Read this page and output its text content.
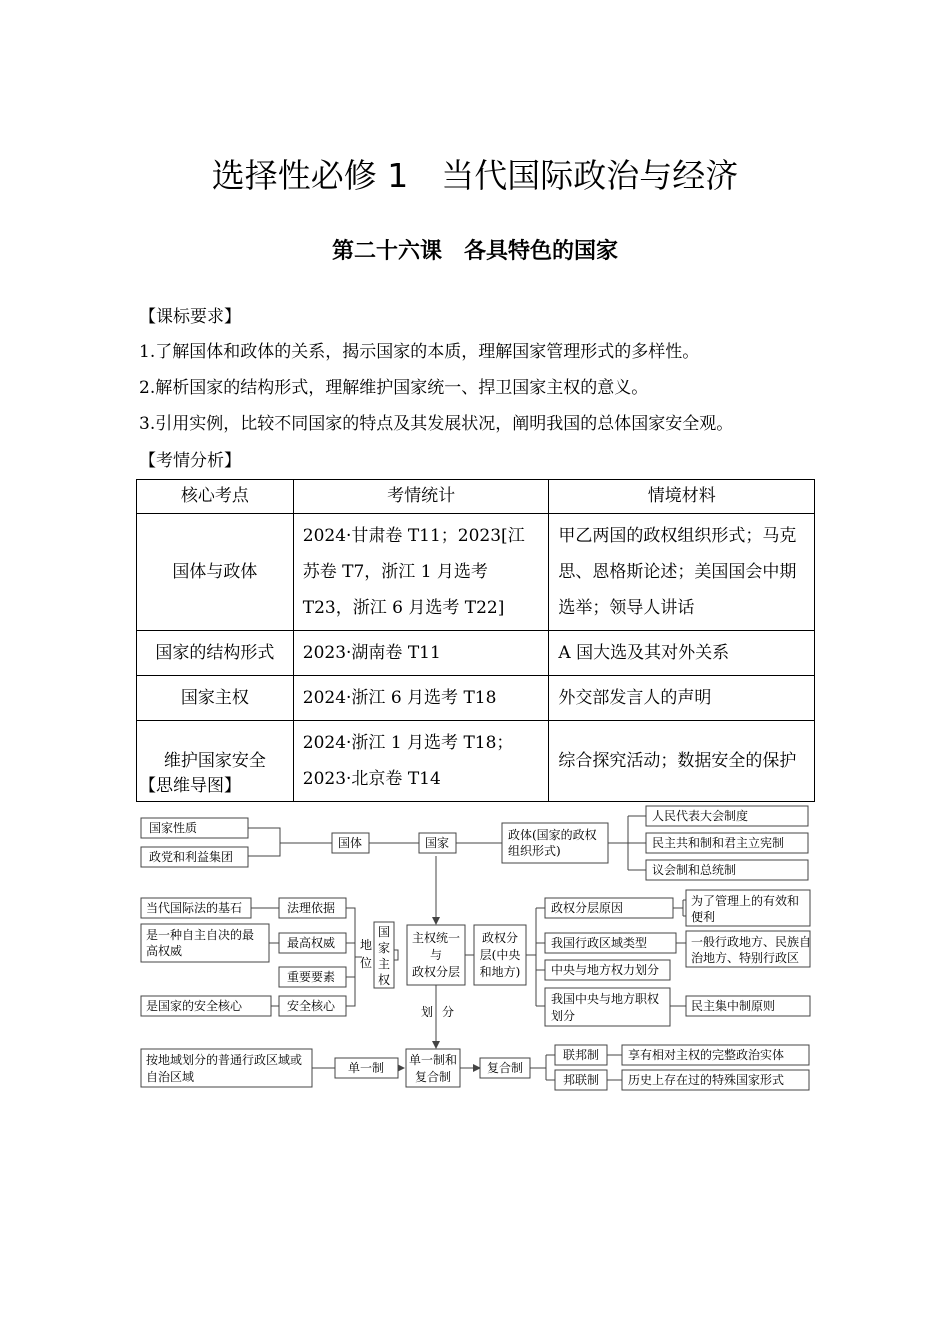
选择性必修 1　当代国际政治与经济
第二十六课　各具特色的国家
【课标要求】
1.了解国体和政体的关系，揭示国家的本质，理解国家管理形式的多样性。
2.解析国家的结构形式，理解维护国家统一、捍卫国家主权的意义。
3.引用实例，比较不同国家的特点及其发展状况，阐明我国的总体国家安全观。
【考情分析】
核心考点	考情统计	情境材料
国体与政体	2024·甘肃卷 T11；2023[江苏卷 T7，浙江 1 月选考 T23，浙江 6 月选考 T22]	甲乙两国的政权组织形式；马克思、恩格斯论述；美国国会中期选举；领导人讲话
国家的结构形式	2023·湖南卷 T11	A 国大选及其对外关系
国家主权	2024·浙江 6 月选考 T18	外交部发言人的声明
维护国家安全	2024·浙江 1 月选考 T18；2023·北京卷 T14	综合探究活动；数据安全的保护
【思维导图】
国家性质
政党和利益集团
国体	国家
政体(国家的政权
组织形式)
人民代表大会制度
民主共和制和君主立宪制
议会制和总统制
当代国际法的基石	法理依据
是一种自主自决的最
高权威
最高权威
重要要素
是国家的安全核心	安全核心
地
位
国
家
主
权
主权统一
与
政权分层
政权分
层(中央
和地方)
政权分层原因	为了管理上的有效和
便利
我国行政区域类型	一般行政地方、民族自
治地方、特别行政区
中央与地方权力划分
我国中央与地方职权
划分
民主集中制原则
划 分
按地域划分的普通行政区域或
自治区域
单一制
单一制和
复合制
复合制
联邦制 享有相对主权的完整政治实体
邦联制 历史上存在过的特殊国家形式
